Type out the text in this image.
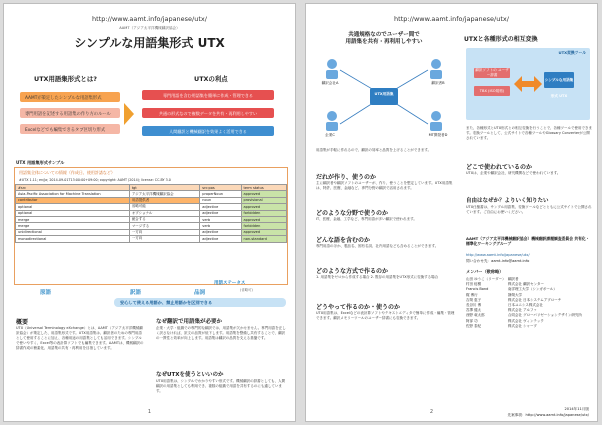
http://www.aamt.info/japanese/utx/
AAMT（アジア太平洋機械翻訳協会）
シンプルな用語集形式 UTX
UTX用語集形式とは?	UTXの利点
AAMTが策定したシンプルな用語集形式
専門用語を記述する用語集の作り方のルール
Excelなどでも編集できるタブ区切り形式
専門用語を含む用語集を簡単に作成・管理できる
共通の形式なので複数データを共有・再利用しやすい
人間翻訳と機械翻訳を効果よく活用できる
UTX 用語集形式サンプル
用語集全体についての情報（作成日、使用許諾など）
#UTX 1.11; en/ja; 2014-09-01T13:00:00+09:00; copyright: AAMT (2014); license: CC-BY 3.0
#src	tgt	src:pos	term status
Asia-Pacific Association for Machine Translation	アジア太平洋機械翻訳協会	properNoun	approved
contributor	用語提供者	noun	provisional
optional	省略可能	adjective	approved
optional	オプショナル	adjective	forbidden
merge	統合する	verb	approved
merge	マージする	verb	forbidden
unidirectional	一方向	adjective	approved
monodirectional	一方向	adjective	non-standard
原語	訳語	品詞
用語ステータス
(省略可)
安心して使える用語か、禁止用語かを区別できる
概要
UTX（Universal Terminology eXchange）とは、AAMT（アジア太平洋機械翻訳協会）が策定した、用語集形式です。UTX用語集は、翻訳者のための専門用語として使用することに加え、各種用途の用語集としても活用できます。シンプルで使いやすく、Excel等の表計算ソフトでも編集できます。AAMTは、機械翻訳の辞書作成の簡素化、用語集の共有・再利用を目指しています。
なぜ翻訳で用語集が必要か
企業・大学・組織での専門的な翻訳では、用語集が欠かせません。専門用語を正しく訳さなければ、訳文の品質が低下します。用語集を整備し共有することで、翻訳の一貫性と効率が向上します。用語集は翻訳の品質を支える基盤です。
なぜUTXを使うといいのか
UTX用語集は、シンプルでわかりやすい形式です。機械翻訳の辞書としても、人間翻訳の用語集としても利用でき、複数の組織で用語を共有するのにも適しています。
1
http://www.aamt.info/japanese/utx/
共通規格なのでユーザー間で
用語集を共有・再利用しやすい
UTX用語集
翻訳会社A	翻訳者B
企業C	MT開発者D
UTXと各種形式の相互変換
UTX変換ツール
翻訳ソフトの ユーザー辞書
TBX (ISO規格)
シンプルな用語集形式 UTX
また、各種形式とUTX形式との相互変換を行うことで、各種ツールで使用できます。変換ツールとして、公式サイトで各種ツールやGlossary Converterが公開されています。
用語集が手軽に作れるので、翻訳の効率と品質を上げることができます。
だれが作り、使うのか
主に翻訳者や翻訳ソフトのユーザーが、作り、使うことを想定しています。UTX用語集は、特許、医療、金融など、専門分野の翻訳で活用されます。
どのような分野で使うのか
IT、医療、金融、工学など、専門用語が多い翻訳で使われます。
どんな語を含むのか
専門用語のほか、製品名、固有名詞、社内用語なども含めることができます。
どのような方式で作るのか
1. 用語集をゼロから作成する場合 2. 既存の用語集をUTX形式に変換する場合
どうやって作るのか・使うのか
UTX用語集は、Excelなどの表計算ソフトやテキストエディタで簡単に作成・編集・管理できます。翻訳メモリーツールのユーザー辞書にも変換できます。
どこで使われているのか
UTXは、企業や翻訳会社、研究機関などで使われています。
自由はなぜか？よりいく知りたい
UTX仕様書は、サンプル用語集、変換ツールなどとともに公式サイトで公開されています。ご自由にお使いください。
AAMT（アジア太平洋機械翻訳協会）機械翻訳課題調査委員会 共有化・標準化ワーキンググループ
http://www.aamt.info/japanese/utx/
問い合わせ先：aamt-info@aamt.info
メンバー（敬称略）
山田 ゆうこ（リーダー） 翻訳者
村田 稔樹	株式会社 翻訳センター
Francis Bond	南洋理工大学（シンガポール）
梶 博行	静岡大学
吉岡 恵子	株式会社 日本システムアプローチ
長谷川 博	日本ユニシス株式会社
宮澤 健太	株式会社 アルファ
西野 竜太郎	合同会社 グローバリゼーションデザイン研究所
阿部 功	株式会社 ヴィンテック
佐野 泰紀	株式会社 シャープ
2014年11月版
先案事項：http://www.aamt.info/japanese/utx/
2
